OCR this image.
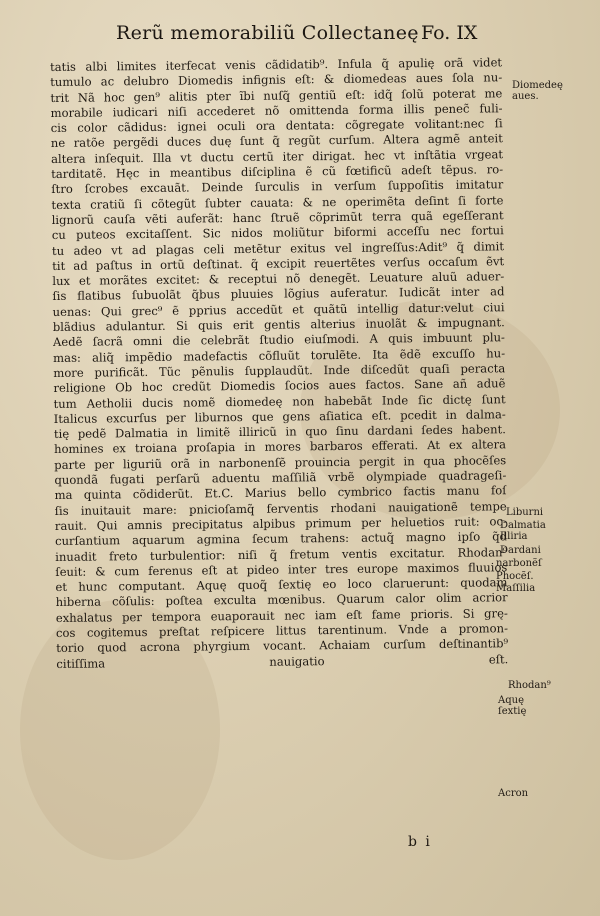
Rerũ memorabiliũ Collectaneę Fo. IX
tatis albi limites iterfecat venis cãdidatib⁹. Infula q̃ apulię orã videt
tumulo ac delubro Diomedis infignis eſt: & diomedeas aues ſola nu-
trit Nã hoc gen⁹ alitis pter ĩbi nuſq̃ gentiũ eſt: idq̃ ſolũ poterat me
morabile iudicari niſi accederet nõ omittenda forma illis penec̃ fuli-
cis color cãdidus: ignei oculi ora dentata: cõgregate volitant:nec ſi
ne ratõe pergẽdi duces duę ſunt q̃ regũt curſum. Altera agmẽ anteit
altera inſequit. Illa vt ductu certũ iter dirigat. hec vt inſtãtia vrgeat
tarditatẽ. Hęc in meantibus diſciplina ẽ cũ fœtificũ adeſt tẽpus. ro-
ſtro ſcrobes excauãt. Deinde ſurculis in verſum ſuppoſitis imitatur
texta cratiũ ſi cõtegũt ſubter cauata: & ne operimẽta deſint ſi forte
lignorũ cauſa vẽti auferãt: hanc ſtruẽ cõprimũt terra quã egeſſerant
cu puteos excitaſſent. Sic nidos moliũtur biformi acceſſu nec fortui
tu adeo vt ad plagas celi metẽtur exitus vel ingreſſus:Adit⁹ q̃ dimit
tit ad paſtus in ortũ deſtinat. q̃ excipit reuertẽtes verſus occaſum ẽvt
lux et morãtes excitet: & receptui nõ denegẽt. Leuature aluũ aduer-
ſis flatibus ſubuolãt q̃bus pluuies lõgius auferatur. Iudicãt inter ad
uenas: Qui grec⁹ ẽ pprius accedũt et quãtũ intellig datur:velut ciui
blãdius adulantur. Si quis erit gentis alterius inuolãt & impugnant.
Aedẽ ſacrã omni die celebrãt ſtudio eiuſmodi. A quis imbuunt plu-
mas: aliq̃ impẽdio madefactis cõfluũt torulẽte. Ita ẽdẽ excuſſo hu-
more purificãt. Tũc pẽnulis ſupplaudũt. Inde diſcedũt quaſi peracta
religione Ob hoc credũt Diomedis ſocios aues factos. Sane añ aduẽ
tum Aetholii ducis nomẽ diomedeę non habebãt Inde ſic dictę ſunt
Italicus excurſus per liburnos que gens aſiatica eſt. pcedit in dalma-
tię pedẽ Dalmatia in limitẽ illiricũ in quo ſinu dardani ſedes habent.
homines ex troiana proſapia in mores barbaros efferati. At ex altera
parte per liguriũ orã in narbonenſẽ prouincia pergit in qua phocẽſes
quondã fugati perſarũ aduentu maſſiliã vrbẽ olympiade quadrageſi-
ma quinta cõdiderũt. Et.C. Marius bello cymbrico factis manu foſ
ſis inuitauit mare: pnicioſamq̃ ferventis rhodani nauigationẽ tempe
rauit. Qui amnis precipitatus alpibus primum per heluetios ruit: oc-
curſantium aquarum agmina ſecum trahens: actuq̃ magno ipſo q̃d
inuadit freto turbulentior: niſi q̃ fretum ventis excitatur. Rhodan⁹
ſeuit: & cum ferenus eſt at pideo inter tres europe maximos fluuios
et hunc computant. Aquę quoq̃ ſextię eo loco claruerunt: quodam
hiberna cõſulis: poſtea exculta mœnibus. Quarum calor olim acrior
exhalatus per tempora euaporauit nec iam eſt fame prioris. Si grę-
cos cogitemus preſtat reſpicere littus tarentinum. Vnde a promon-
torio quod acrona phyrgium vocant. Achaiam curſum deſtinantib⁹
citiſſima nauigatio eſt.
Diomedeę
aues.
Liburni
Dalmatia
Illiria
Dardani
narbonẽſ
Phocẽſ.
Maſſilia
Rhodan⁹
Aquę
ſextię
Acron
b i
